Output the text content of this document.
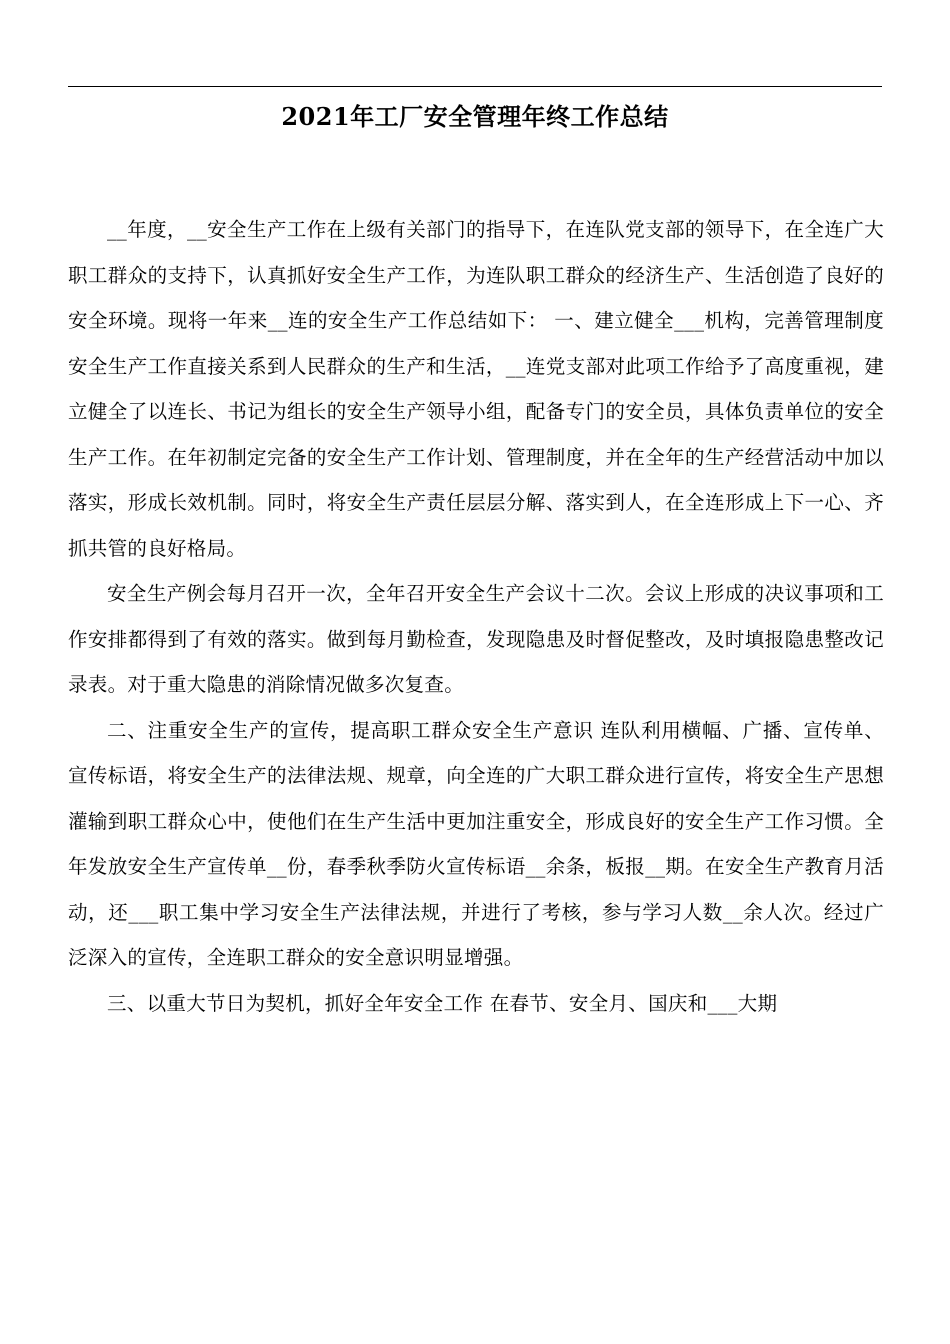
2021年工厂安全管理年终工作总结

__年度，__安全生产工作在上级有关部门的指导下，在连队党支部的领导下，在全连广大职工群众的支持下，认真抓好安全生产工作，为连队职工群众的经济生产、生活创造了良好的安全环境。现将一年来__连的安全生产工作总结如下： 一、建立健全___机构，完善管理制度 安全生产工作直接关系到人民群众的生产和生活，__连党支部对此项工作给予了高度重视，建立健全了以连长、书记为组长的安全生产领导小组，配备专门的安全员，具体负责单位的安全生产工作。在年初制定完备的安全生产工作计划、管理制度，并在全年的生产经营活动中加以落实，形成长效机制。同时，将安全生产责任层层分解、落实到人，在全连形成上下一心、齐抓共管的良好格局。

安全生产例会每月召开一次，全年召开安全生产会议十二次。会议上形成的决议事项和工作安排都得到了有效的落实。做到每月勤检查，发现隐患及时督促整改，及时填报隐患整改记录表。对于重大隐患的消除情况做多次复查。

二、注重安全生产的宣传，提高职工群众安全生产意识 连队利用横幅、广播、宣传单、宣传标语，将安全生产的法律法规、规章，向全连的广大职工群众进行宣传，将安全生产思想灌输到职工群众心中，使他们在生产生活中更加注重安全，形成良好的安全生产工作习惯。全年发放安全生产宣传单__份，春季秋季防火宣传标语__余条，板报__期。在安全生产教育月活动，还___职工集中学习安全生产法律法规，并进行了考核，参与学习人数__余人次。经过广泛深入的宣传，全连职工群众的安全意识明显增强。

三、以重大节日为契机，抓好全年安全工作 在春节、安全月、国庆和___大期
